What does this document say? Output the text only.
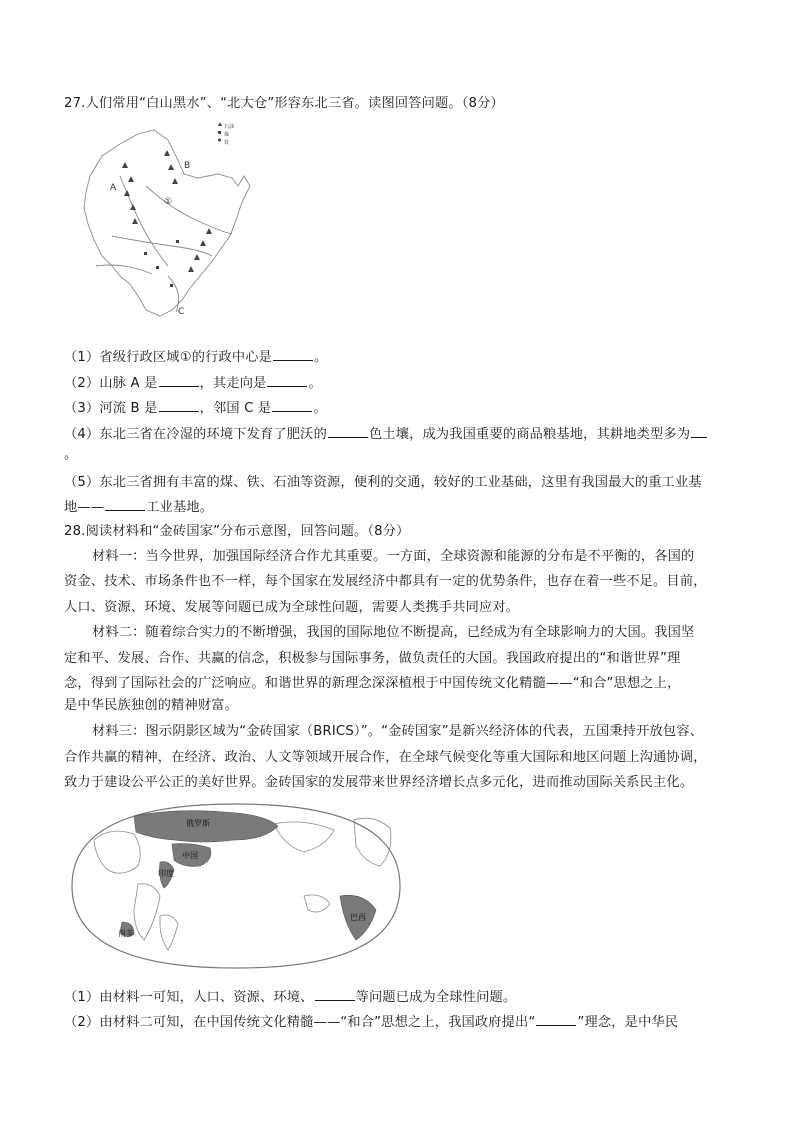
27.人们常用“白山黑水”、“北大仓”形容东北三省。读图回答问题。（8分）
石油
煤
铁
A
B
①
C
（1）省级行政区域①的行政中心是	。
（2）山脉 A 是	，其走向是	。
（3）河流 B 是	，邻国 C 是	。
（4）东北三省在冷湿的环境下发育了肥沃的	色土壤，成为我国重要的商品粮基地，其耕地类型多为
。
（5）东北三省拥有丰富的煤、铁、石油等资源，便利的交通，较好的工业基础，这里有我国最大的重工业基
地——	工业基地。
28.阅读材料和“金砖国家”分布示意图，回答问题。（8分）
材料一：当今世界，加强国际经济合作尤其重要。一方面，全球资源和能源的分布是不平衡的，各国的
资金、技术、市场条件也不一样，每个国家在发展经济中都具有一定的优势条件，也存在着一些不足。目前，
人口、资源、环境、发展等问题已成为全球性问题，需要人类携手共同应对。
材料二：随着综合实力的不断增强，我国的国际地位不断提高，已经成为有全球影响力的大国。我国坚
定和平、发展、合作、共赢的信念，积极参与国际事务，做负责任的大国。我国政府提出的“和谐世界”理
念，得到了国际社会的广泛响应。和谐世界的新理念深深植根于中国传统文化精髓——“和合”思想之上，
是中华民族独创的精神财富。
材料三：图示阴影区域为“金砖国家（BRICS）”。“金砖国家”是新兴经济体的代表，五国秉持开放包容、
合作共赢的精神，在经济、政治、人文等领域开展合作，在全球气候变化等重大国际和地区问题上沟通协调，
致力于建设公平公正的美好世界。金砖国家的发展带来世界经济增长点多元化，进而推动国际关系民主化。
俄罗斯
中国
印度
巴西
南非
（1）由材料一可知，人口、资源、环境、	等问题已成为全球性问题。
（2）由材料二可知，在中国传统文化精髓——“和合”思想之上，我国政府提出“	”理念，是中华民
